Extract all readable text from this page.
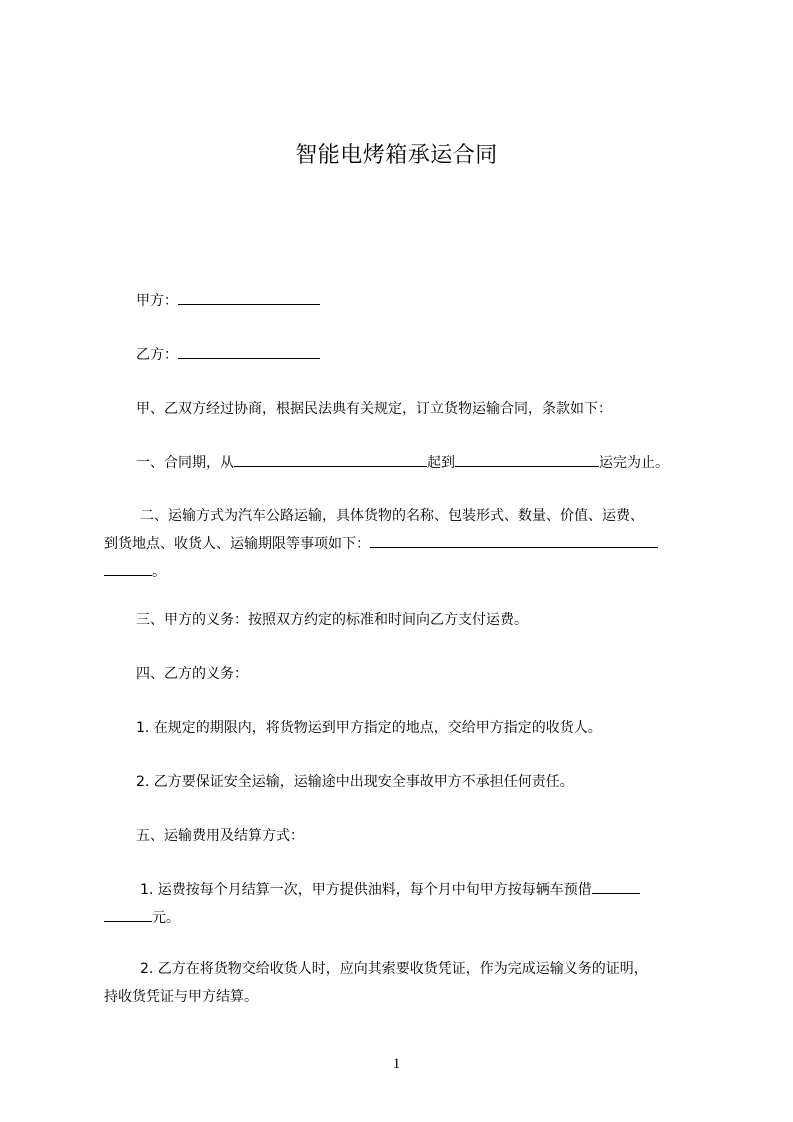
智能电烤箱承运合同
甲方：
乙方：
甲、乙双方经过协商，根据民法典有关规定，订立货物运输合同，条款如下：
一、合同期，从	起到	运完为止。
二、运输方式为汽车公路运输，具体货物的名称、包装形式、数量、价值、运费、
到货地点、收货人、运输期限等事项如下：
。
三、甲方的义务：按照双方约定的标准和时间向乙方支付运费。
四、乙方的义务：
1. 在规定的期限内，将货物运到甲方指定的地点，交给甲方指定的收货人。
2. 乙方要保证安全运输，运输途中出现安全事故甲方不承担任何责任。
五、运输费用及结算方式：
1. 运费按每个月结算一次，甲方提供油料，每个月中旬甲方按每辆车预借
元。
2. 乙方在将货物交给收货人时，应向其索要收货凭证，作为完成运输义务的证明，
持收货凭证与甲方结算。
1
